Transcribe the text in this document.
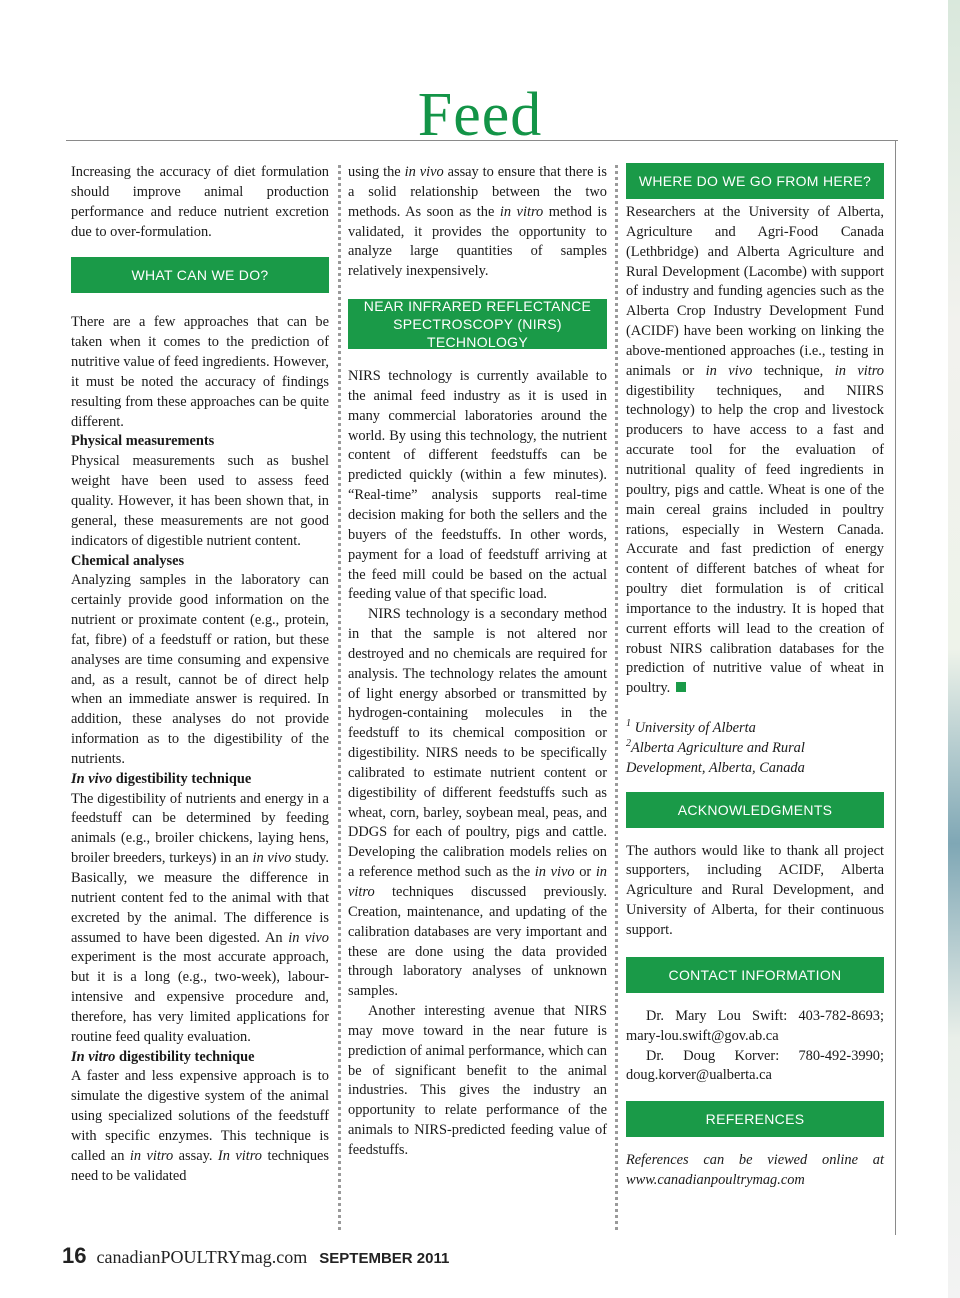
Feed

Increasing the accuracy of diet formulation should improve animal production performance and reduce nutrient excretion due to over-formulation.

WHAT CAN WE DO?

There are a few approaches that can be taken when it comes to the prediction of nutritive value of feed ingredients. However, it must be noted the accuracy of findings resulting from these approaches can be quite different.

Physical measurements

Physical measurements such as bushel weight have been used to assess feed quality. However, it has been shown that, in general, these measurements are not good indicators of digestible nutrient content.

Chemical analyses

Analyzing samples in the laboratory can certainly provide good information on the nutrient or proximate content (e.g., protein, fat, fibre) of a feedstuff or ration, but these analyses are time consuming and expensive and, as a result, cannot be of direct help when an immediate answer is required. In addition, these analyses do not provide information as to the digestibility of the nutrients.

In vivo digestibility technique

The digestibility of nutrients and energy in a feedstuff can be determined by feeding animals (e.g., broiler chickens, laying hens, broiler breeders, turkeys) in an in vivo study. Basically, we measure the difference in nutrient content fed to the animal with that excreted by the animal. The difference is assumed to have been digested. An in vivo experiment is the most accurate approach, but it is a long (e.g., two-week), labour-intensive and expensive procedure and, therefore, has very limited applications for routine feed quality evaluation.

In vitro digestibility technique

A faster and less expensive approach is to simulate the digestive system of the animal using specialized solutions of the feedstuff with specific enzymes. This technique is called an in vitro assay. In vitro techniques need to be validated

using the in vivo assay to ensure that there is a solid relationship between the two methods. As soon as the in vitro method is validated, it provides the opportunity to analyze large quantities of samples relatively inexpensively.

NEAR INFRARED REFLECTANCE SPECTROSCOPY (NIRS) TECHNOLOGY

NIRS technology is currently available to the animal feed industry as it is used in many commercial laboratories around the world. By using this technology, the nutrient content of different feedstuffs can be predicted quickly (within a few minutes). “Real-time” analysis supports real-time decision making for both the sellers and the buyers of the feedstuffs. In other words, payment for a load of feedstuff arriving at the feed mill could be based on the actual feeding value of that specific load.

NIRS technology is a secondary method in that the sample is not altered nor destroyed and no chemicals are required for analysis. The technology relates the amount of light energy absorbed or transmitted by hydrogen-containing molecules in the feedstuff to its chemical composition or digestibility. NIRS needs to be specifically calibrated to estimate nutrient content or digestibility of different feedstuffs such as wheat, corn, barley, soybean meal, peas, and DDGS for each of poultry, pigs and cattle. Developing the calibration models relies on a reference method such as the in vivo or in vitro techniques discussed previously. Creation, maintenance, and updating of the calibration databases are very important and these are done using the data provided through laboratory analyses of unknown samples.

Another interesting avenue that NIRS may move toward in the near future is prediction of animal performance, which can be of significant benefit to the animal industries. This gives the industry an opportunity to relate performance of the animals to NIRS-predicted feeding value of feedstuffs.

WHERE DO WE GO FROM HERE?

Researchers at the University of Alberta, Agriculture and Agri-Food Canada (Lethbridge) and Alberta Agriculture and Rural Development (Lacombe) with support of industry and funding agencies such as the Alberta Crop Industry Development Fund (ACIDF) have been working on linking the above-mentioned approaches (i.e., testing in animals or in vivo technique, in vitro digestibility techniques, and NIIRS technology) to help the crop and livestock producers to have access to a fast and accurate tool for the evaluation of nutritional quality of feed ingredients in poultry, pigs and cattle. Wheat is one of the main cereal grains included in poultry rations, especially in Western Canada. Accurate and fast prediction of energy content of different batches of wheat for poultry diet formulation is of critical importance to the industry. It is hoped that current efforts will lead to the creation of robust NIRS calibration databases for the prediction of nutritive value of wheat in poultry.

$^1$ University of Alberta

$^2$Alberta Agriculture and Rural Development, Alberta, Canada

ACKNOWLEDGMENTS

The authors would like to thank all project supporters, including ACIDF, Alberta Agriculture and Rural Development, and University of Alberta, for their continuous support.

CONTACT INFORMATION

Dr. Mary Lou Swift: 403-782-8693; mary-lou.swift@gov.ab.ca

Dr. Doug Korver: 780-492-3990; doug.korver@ualberta.ca

REFERENCES

References can be viewed online at www.canadianpoultrymag.com

16 canadianPOULTRYmag.com SEPTEMBER 2011
